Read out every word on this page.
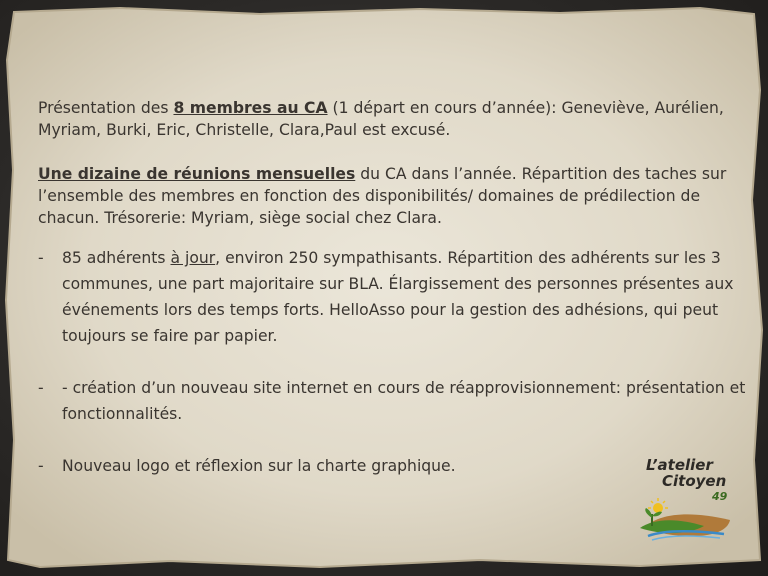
Présentation des 8 membres au CA (1 départ en cours d’année): Geneviève, Aurélien, Myriam, Burki, Eric, Christelle, Clara,Paul est excusé.

Une dizaine de réunions mensuelles du CA dans l’année. Répartition des taches sur l’ensemble des membres en fonction des disponibilités/ domaines de prédilection de chacun. Trésorerie: Myriam, siège social chez Clara.

- 85 adhérents à jour, environ 250 sympathisants. Répartition des adhérents sur les 3 communes, une part majoritaire sur BLA. Élargissement des personnes présentes aux événements lors des temps forts. HelloAsso pour la gestion des adhésions, qui peut toujours se faire par papier.
- - création d’un nouveau site internet en cours de réapprovisionnement: présentation et fonctionnalités.
- Nouveau logo et réflexion sur la charte graphique.	L’atelier
Citoyen
49
